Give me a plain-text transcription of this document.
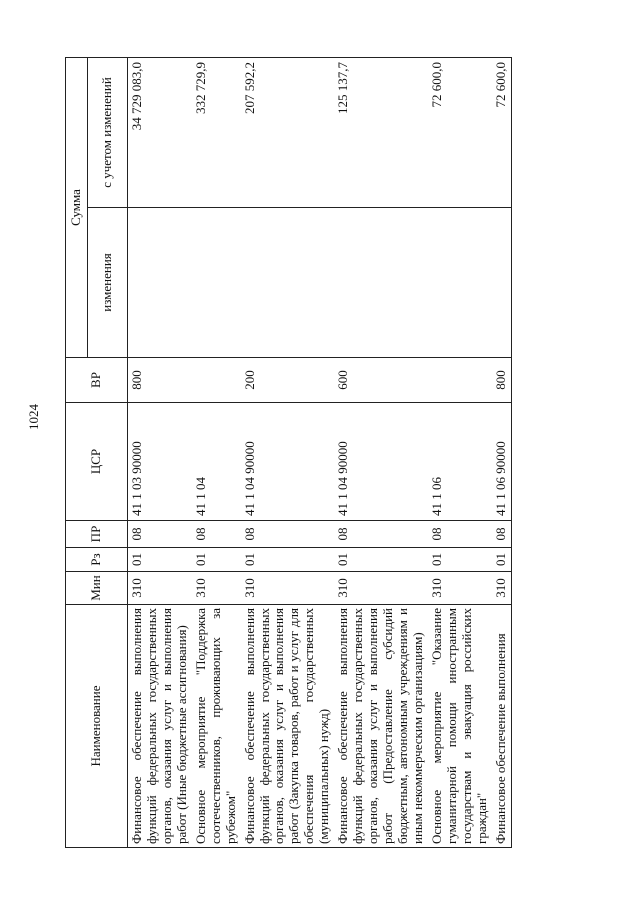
1024
Наименование	Мин	Рз	ПР	ЦСР	ВР	Сумма	
						изменения	с учетом изменений
Финансовое обеспечение выполнения функций федеральных государственных органов, оказания услуг и выполнения работ (Иные бюджетные ассигнования)	310	01	08	41 1 03 90000	800		34 729 083,0
Основное мероприятие "Поддержка соотечественников, проживающих за рубежом"	310	01	08	41 1 04			332 729,9
Финансовое обеспечение выполнения функций федеральных государственных органов, оказания услуг и выполнения работ (Закупка товаров, работ и услуг для обеспечения государственных (муниципальных) нужд)	310	01	08	41 1 04 90000	200		207 592,2
Финансовое обеспечение выполнения функций федеральных государственных органов, оказания услуг и выполнения работ (Предоставление субсидий бюджетным, автономным учреждениям и иным некоммерческим организациям)	310	01	08	41 1 04 90000	600		125 137,7
Основное мероприятие "Оказание гуманитарной помощи иностранным государствам и эвакуация российских граждан"	310	01	08	41 1 06			72 600,0
Финансовое обеспечение выполнения	310	01	08	41 1 06 90000	800		72 600,0
